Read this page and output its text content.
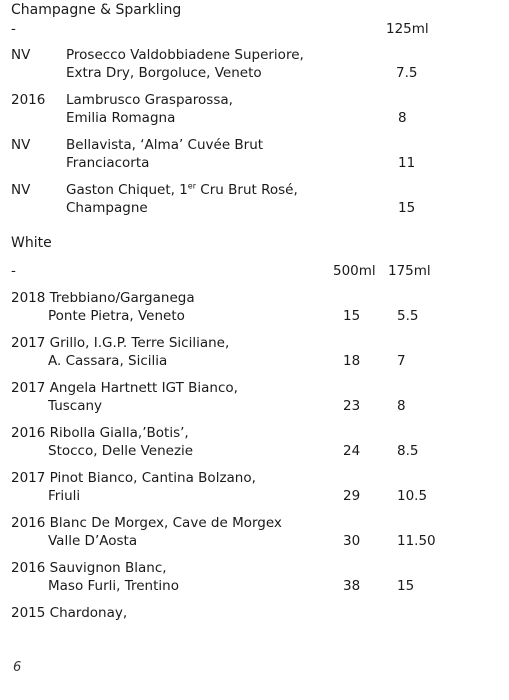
Champagne & Sparkling
-	125ml
NV	Prosecco Valdobbiadene Superiore,
Extra Dry, Borgoluce, Veneto	7.5
2016 Lambrusco Grasparossa,
Emilia Romagna	8
NV	Bellavista, ‘Alma’ Cuvée Brut
Franciacorta	11
NV	Gaston Chiquet, 1er Cru Brut Rosé,
Champagne	15
White
-	500ml 175ml
2018 Trebbiano/Garganega
Ponte Pietra, Veneto	15	5.5
2017 Grillo, I.G.P. Terre Siciliane,
A. Cassara, Sicilia	18	7
2017 Angela Hartnett IGT Bianco,
Tuscany	23	8
2016 Ribolla Gialla,’Botis’,
Stocco, Delle Venezie	24	8.5
2017 Pinot Bianco, Cantina Bolzano,
Friuli	29	10.5
2016 Blanc De Morgex, Cave de Morgex
Valle D’Aosta	30	11.50
2016 Sauvignon Blanc,
Maso Furli, Trentino	38	15
2015 Chardonay,
6
